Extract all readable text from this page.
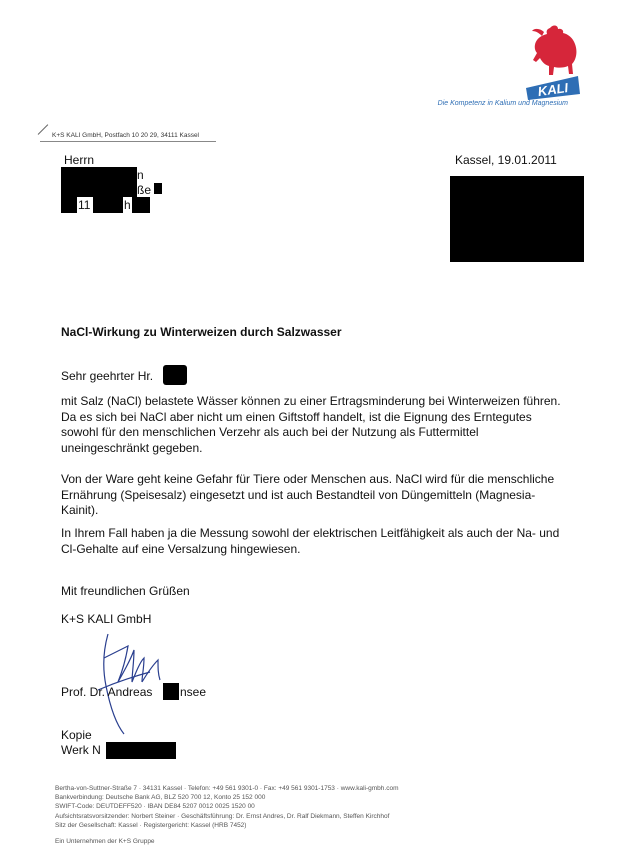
KALI
Die Kompetenz in Kalium und Magnesium
K+S KALI GmbH, Postfach 10 20 29, 34111 Kassel
Herrn
n
ße
11	h
Kassel, 19.01.2011
NaCl-Wirkung zu Winterweizen durch Salzwasser
Sehr geehrter Hr.

mit Salz (NaCl) belastete Wässer können zu einer Ertragsminderung bei Winterweizen führen. Da es sich bei NaCl aber nicht um einen Giftstoff handelt, ist die Eignung des Erntegutes sowohl für den menschlichen Verzehr als auch bei der Nutzung als Futtermittel uneingeschränkt gegeben.

Von der Ware geht keine Gefahr für Tiere oder Menschen aus. NaCl wird für die menschliche Ernährung (Speisesalz) eingesetzt und ist auch Bestandteil von Düngemitteln (Magnesia-Kainit).

In Ihrem Fall haben ja die Messung sowohl der elektrischen Leitfähigkeit als auch der Na- und Cl-Gehalte auf eine Versalzung hingewiesen.

Mit freundlichen Grüßen
K+S KALI GmbH
Prof. Dr. Andreas nsee
Kopie
Werk N
Bertha-von-Suttner-Straße 7 · 34131 Kassel · Telefon: +49 561 9301-0 · Fax: +49 561 9301-1753 · www.kali-gmbh.com
Bankverbindung: Deutsche Bank AG, BLZ 520 700 12, Konto 25 152 000
SWIFT-Code: DEUTDEFF520 · IBAN DE84 5207 0012 0025 1520 00
Aufsichtsratsvorsitzender: Norbert Steiner · Geschäftsführung: Dr. Ernst Andres, Dr. Ralf Diekmann, Steffen Kirchhof
Sitz der Gesellschaft: Kassel · Registergericht: Kassel (HRB 7452)
Ein Unternehmen der K+S Gruppe
